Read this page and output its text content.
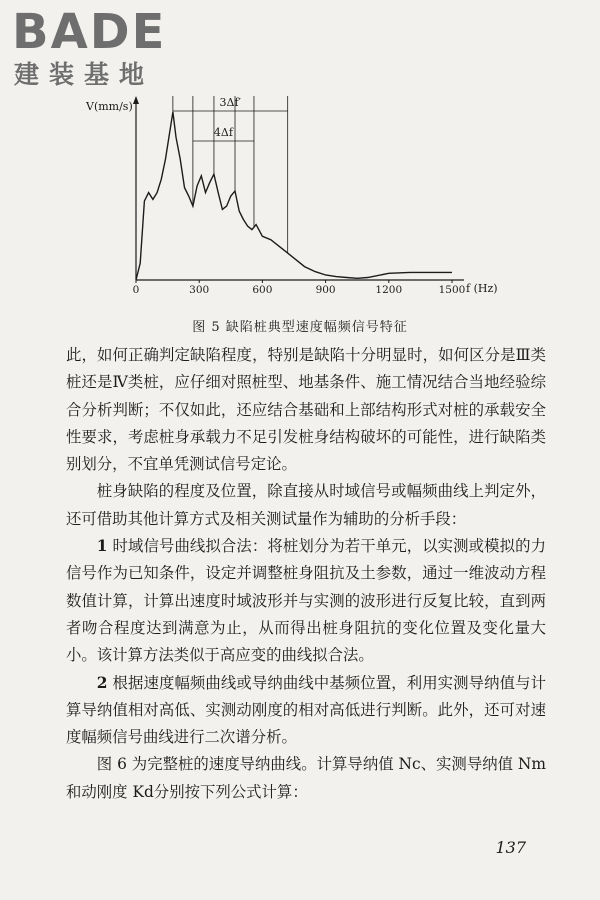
BADE
建装基地
V(mm/s)
f (Hz)
0	300	600	900	1200	1500
3Δf′
4Δf
图 5 缺陷桩典型速度幅频信号特征

此，如何正确判定缺陷程度，特别是缺陷十分明显时，如何区分是Ⅲ类桩还是Ⅳ类桩，应仔细对照桩型、地基条件、施工情况结合当地经验综合分析判断；不仅如此，还应结合基础和上部结构形式对桩的承载安全性要求，考虑桩身承载力不足引发桩身结构破坏的可能性，进行缺陷类别划分，不宜单凭测试信号定论。

桩身缺陷的程度及位置，除直接从时域信号或幅频曲线上判定外，还可借助其他计算方式及相关测试量作为辅助的分析手段：

1 时域信号曲线拟合法：将桩划分为若干单元，以实测或模拟的力信号作为已知条件，设定并调整桩身阻抗及土参数，通过一维波动方程数值计算，计算出速度时域波形并与实测的波形进行反复比较，直到两者吻合程度达到满意为止，从而得出桩身阻抗的变化位置及变化量大小。该计算方法类似于高应变的曲线拟合法。

2 根据速度幅频曲线或导纳曲线中基频位置，利用实测导纳值与计算导纳值相对高低、实测动刚度的相对高低进行判断。此外，还可对速度幅频信号曲线进行二次谱分析。

图 6 为完整桩的速度导纳曲线。计算导纳值 Nc、实测导纳值 Nm和动刚度 Kd分别按下列公式计算：

137
